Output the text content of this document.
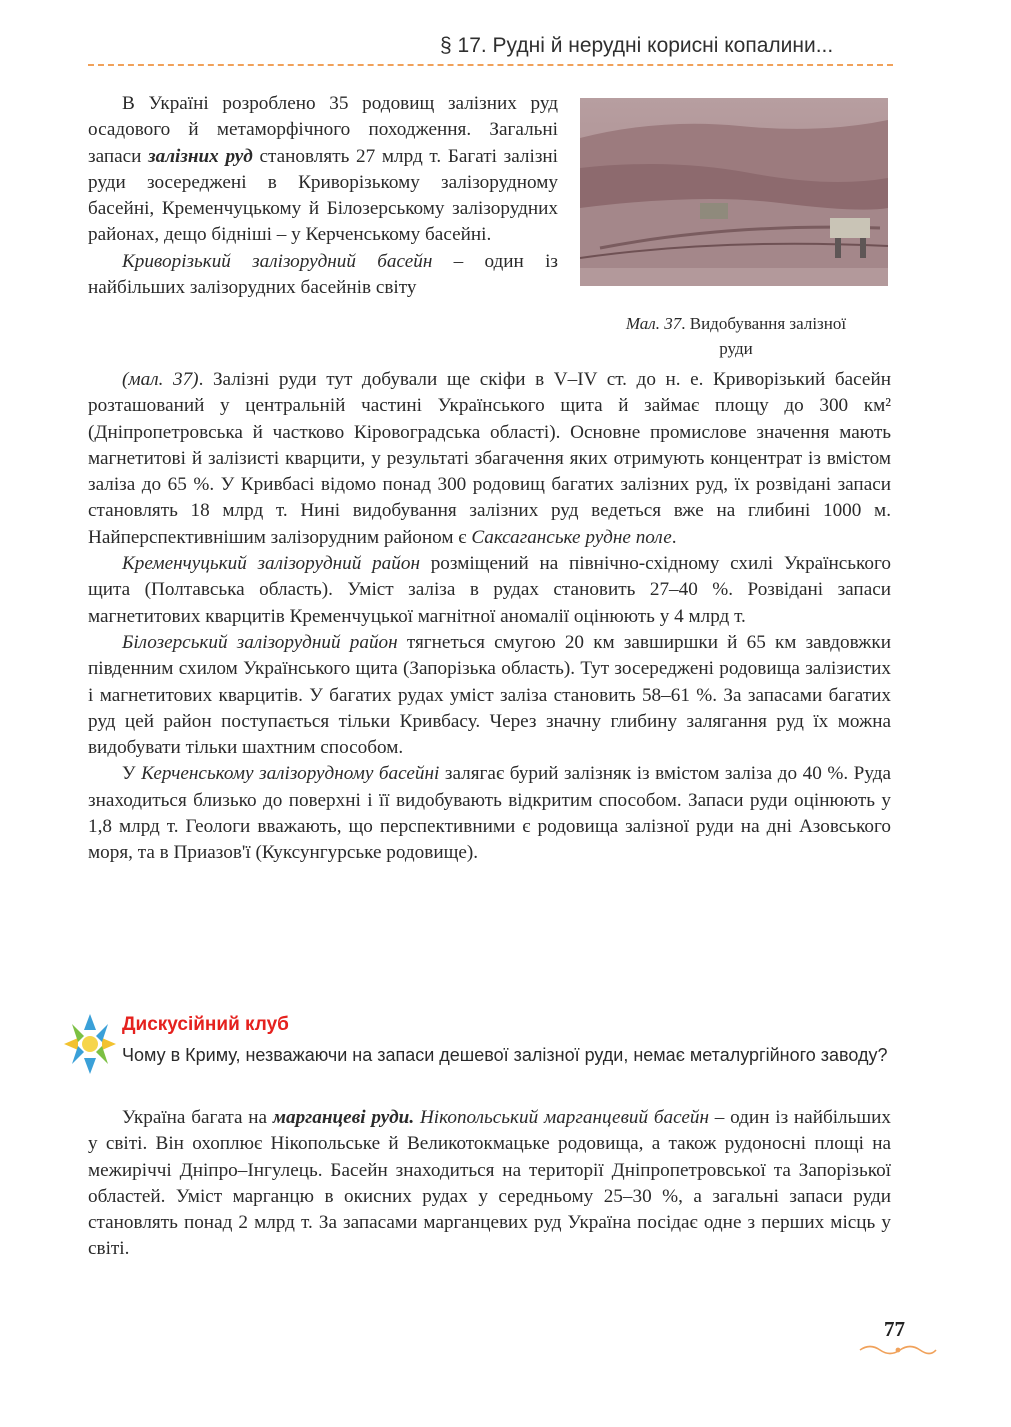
§ 17. Рудні й нерудні корисні копалини...

В Україні розроблено 35 родовищ залізних руд осадового й метаморфічного походження. Загальні запаси залізних руд становлять 27 млрд т. Багаті залізні руди зосереджені в Криворізькому залізорудному басейні, Кременчуцькому й Білозерському залізорудних районах, дещо бідніші – у Керченському басейні.

Криворізький залізорудний басейн – один із найбільших залізорудних басейнів світу

Мал. 37. Видобування залізної руди

(мал. 37). Залізні руди тут добували ще скіфи в V–IV ст. до н. е. Криворізький басейн розташований у центральній частині Українського щита й займає площу до 300 км² (Дніпропетровська й частково Кіровоградська області). Основне промислове значення мають магнетитові й залізисті кварцити, у результаті збагачення яких отримують концентрат із вмістом заліза до 65 %. У Кривбасі відомо понад 300 родовищ багатих залізних руд, їх розвідані запаси становлять 18 млрд т. Нині видобування залізних руд ведеться вже на глибині 1000 м. Найперспективнішим залізорудним районом є Саксаганське рудне поле.

Кременчуцький залізорудний район розміщений на північно-східному схилі Українського щита (Полтавська область). Уміст заліза в рудах становить 27–40 %. Розвідані запаси магнетитових кварцитів Кременчуцької магнітної аномалії оцінюють у 4 млрд т.

Білозерський залізорудний район тягнеться смугою 20 км завширшки й 65 км завдовжки південним схилом Українського щита (Запорізька область). Тут зосереджені родовища залізистих і магнетитових кварцитів. У багатих рудах уміст заліза становить 58–61 %. За запасами багатих руд цей район поступається тільки Кривбасу. Через значну глибину залягання руд їх можна видобувати тільки шахтним способом.

У Керченському залізорудному басейні залягає бурий залізняк із вмістом заліза до 40 %. Руда знаходиться близько до поверхні і її видобувають відкритим способом. Запаси руди оцінюють у 1,8 млрд т. Геологи вважають, що перспективними є родовища залізної руди на дні Азовського моря, та в Приазов'ї (Куксунгурське родовище).

Дискусійний клуб
Чому в Криму, незважаючи на запаси дешевої залізної руди, немає металургійного заводу?

Україна багата на марганцеві руди. Нікопольський марганцевий басейн – один із найбільших у світі. Він охоплює Нікопольське й Великотокмацьке родовища, а також рудоносні площі на межиріччі Дніпро–Інгулець. Басейн знаходиться на території Дніпропетровської та Запорізької областей. Уміст марганцю в окисних рудах у середньому 25–30 %, а загальні запаси руди становлять понад 2 млрд т. За запасами марганцевих руд Україна посідає одне з перших місць у світі.

77
